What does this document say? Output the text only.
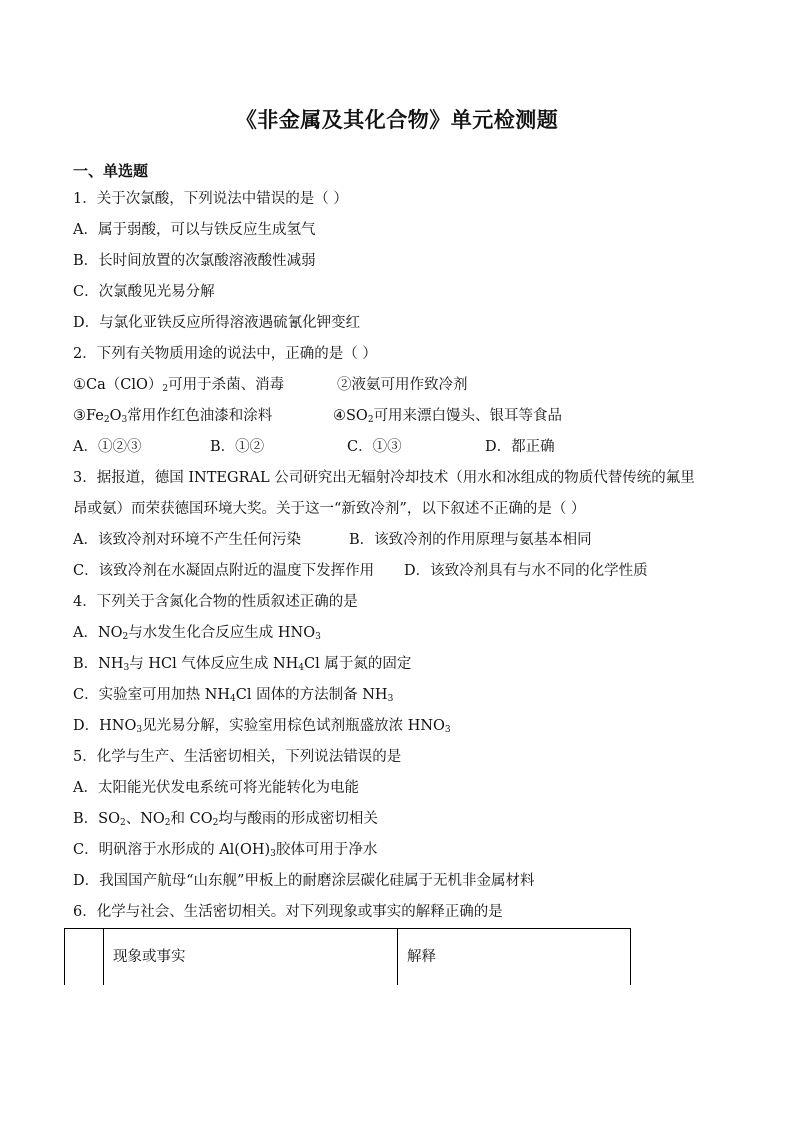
《非金属及其化合物》单元检测题
一、单选题
1．关于次氯酸，下列说法中错误的是（ ）
A．属于弱酸，可以与铁反应生成氢气
B．长时间放置的次氯酸溶液酸性减弱
C．次氯酸见光易分解
D．与氯化亚铁反应所得溶液遇硫氰化钾变红
2．下列有关物质用途的说法中，正确的是（ ）
$①Ca(ClO)_2$可用于杀菌、消毒	②液氨可用作致冷剂
$③Fe_2O_3$常用作红色油漆和涂料	$④SO_2$可用来漂白馒头、银耳等食品
A．①②③	B．①②	C．①③	D．都正确
3．据报道，德国 INTEGRAL 公司研究出无辐射冷却技术（用水和冰组成的物质代替传统的氟里
昂或氨）而荣获德国环境大奖。关于这一“新致冷剂”，以下叙述不正确的是（ ）
A．该致冷剂对环境不产生任何污染	B．该致冷剂的作用原理与氨基本相同
C．该致冷剂在水凝固点附近的温度下发挥作用	D．该致冷剂具有与水不同的化学性质
4．下列关于含氮化合物的性质叙述正确的是
A．$NO_2$与水发生化合反应生成 $HNO_3$
B．$NH_3$与 HCl 气体反应生成 $NH_4Cl$ 属于氮的固定
C．实验室可用加热 $NH_4Cl$ 固体的方法制备 $NH_3$
D．$HNO_3$见光易分解，实验室用棕色试剂瓶盛放浓 $HNO_3$
5．化学与生产、生活密切相关，下列说法错误的是
A．太阳能光伏发电系统可将光能转化为电能
B．$SO_2$、$NO_2$和 $CO_2$均与酸雨的形成密切相关
C．明矾溶于水形成的 $Al(OH)_3$胶体可用于净水
D．我国国产航母“山东舰”甲板上的耐磨涂层碳化硅属于无机非金属材料
6．化学与社会、生活密切相关。对下列现象或事实的解释正确的是
现象或事实	解释
